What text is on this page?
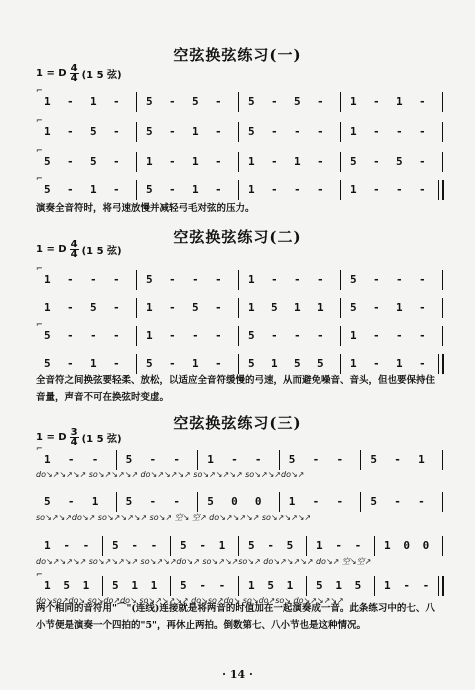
空弦换弦练习(一)
1 = D $\frac{4}{4} (1$ 5 弦)
1 - 1 - 5 - 5 - 5 - 5 - 1 - 1 -
⌐
1 - 5 - 5 - 1 - 5 - - - 1 - - -
⌐
5 - 5 - 1 - 1 - 1 - 1 - 5 - 5 -
⌐
5 - 1 - 5 - 1 - 1 - - - 1 - - -
⌐
演奏全音符时，将弓速放慢并减轻弓毛对弦的压力。
空弦换弦练习(二)
1 = D $\frac{4}{4} (1$ 5 弦)
1 - - - 5 - - - 1 - - - 5 - - -
⌐
1 - 5 - 1 - 5 - 1 5 1 1 5 - 1 -
5 - - - 1 - - - 5 - - - 1 - - -
⌐
5 - 1 - 5 - 1 - 5 1 5 5 1 - 1 -
全音符之间换弦要轻柔、放松，以适应全音符缓慢的弓速，从而避免噪音、音头，但也要保持住音量，声音不可在换弦时变虚。
空弦换弦练习(三)
1 = D $\frac{3}{4} (1$ 5 弦)
1 - - 5 - - 1 - - 5 - - 5 - 1
⌐
do↘↗↘↗↘↗ so↘↗↘↗↘↗ do↘↗↘↗↘↗ so↘↗↘↗↘↗ so↘↗↘↗do↘↗
5 - 1 5 - - 5 0 0 1 - - 5 - -
so↘↗↘↗do↘↗ so↘↗↘↗↘↗ so↘↗ 空↘ 空↗ do↘↗↘↗↘↗ so↘↗↘↗↘↗
1 - - 5 - - 5 - 1 5 - 5 1 - - 1 0 0
do↘↗↘↗↘↗ so↘↗↘↗↘↗ so↘↗↘↗do↘↗ so↘↗↘↗so↘↗ do↘↗↘↗↘↗ do↘↗ 空↘空↗
1 5 1 5 1 1 5 - - 1 5 1 5 1 5 1 - -
⌐
do↘so↗do↘ so↘do↗do↘ so↘↗↘↗↘↗ do↘so↗do↘ so↘do↗so↘ do↘↗↘↗↘↗
两个相同的音符用"⌒"(连线)连接就是将两音的时值加在一起演奏成一音。此条练习中的七、八小节便是演奏一个四拍的"5"，再休止两拍。倒数第七、八小节也是这种情况。
· 14 ·
